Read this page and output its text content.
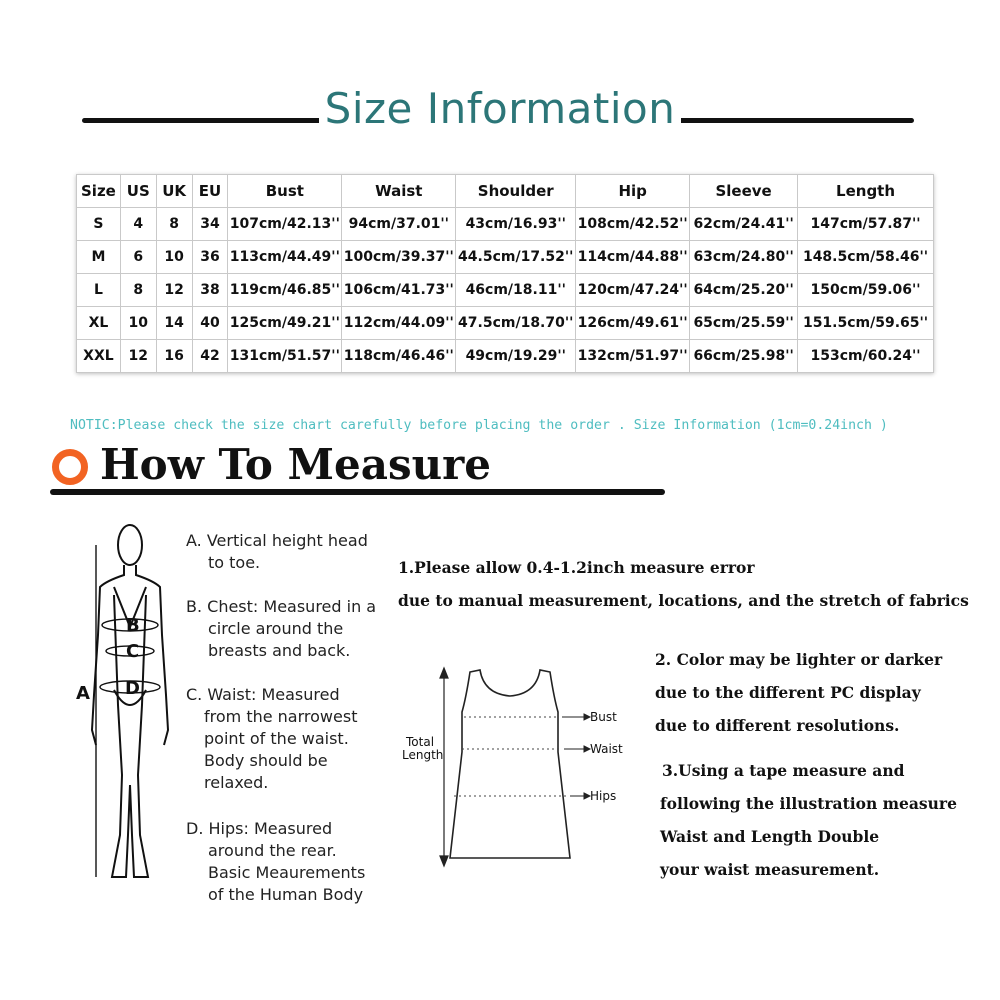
Size Information
Size	US	UK	EU	Bust	Waist	Shoulder	Hip	Sleeve	Length
S	4	8	34	107cm/42.13''	94cm/37.01''	43cm/16.93''	108cm/42.52''	62cm/24.41''	147cm/57.87''
M	6	10	36	113cm/44.49''	100cm/39.37''	44.5cm/17.52''	114cm/44.88''	63cm/24.80''	148.5cm/58.46''
L	8	12	38	119cm/46.85''	106cm/41.73''	46cm/18.11''	120cm/47.24''	64cm/25.20''	150cm/59.06''
XL	10	14	40	125cm/49.21''	112cm/44.09''	47.5cm/18.70''	126cm/49.61''	65cm/25.59''	151.5cm/59.65''
XXL	12	16	42	131cm/51.57''	118cm/46.46''	49cm/19.29''	132cm/51.97''	66cm/25.98''	153cm/60.24''
NOTIC:Please check the size chart carefully before placing the order . Size Information (1cm=0.24inch )
How To Measure
B
C
D
A
A. Vertical height head
to toe.
B. Chest: Measured in a
circle around the
breasts and back.
C. Waist: Measured
from the narrowest
point of the waist.
Body should be
relaxed.
D. Hips: Measured
around the rear.
Basic Meaurements
of the Human Body
1.Please allow 0.4-1.2inch measure error
due to manual measurement, locations, and the stretch of fabrics
Bust
Waist
Hips
Total
Length
2. Color may be lighter or darker
due to the different PC display
due to different resolutions.
3.Using a tape measure and
following the illustration measure
Waist and Length Double
your waist measurement.
